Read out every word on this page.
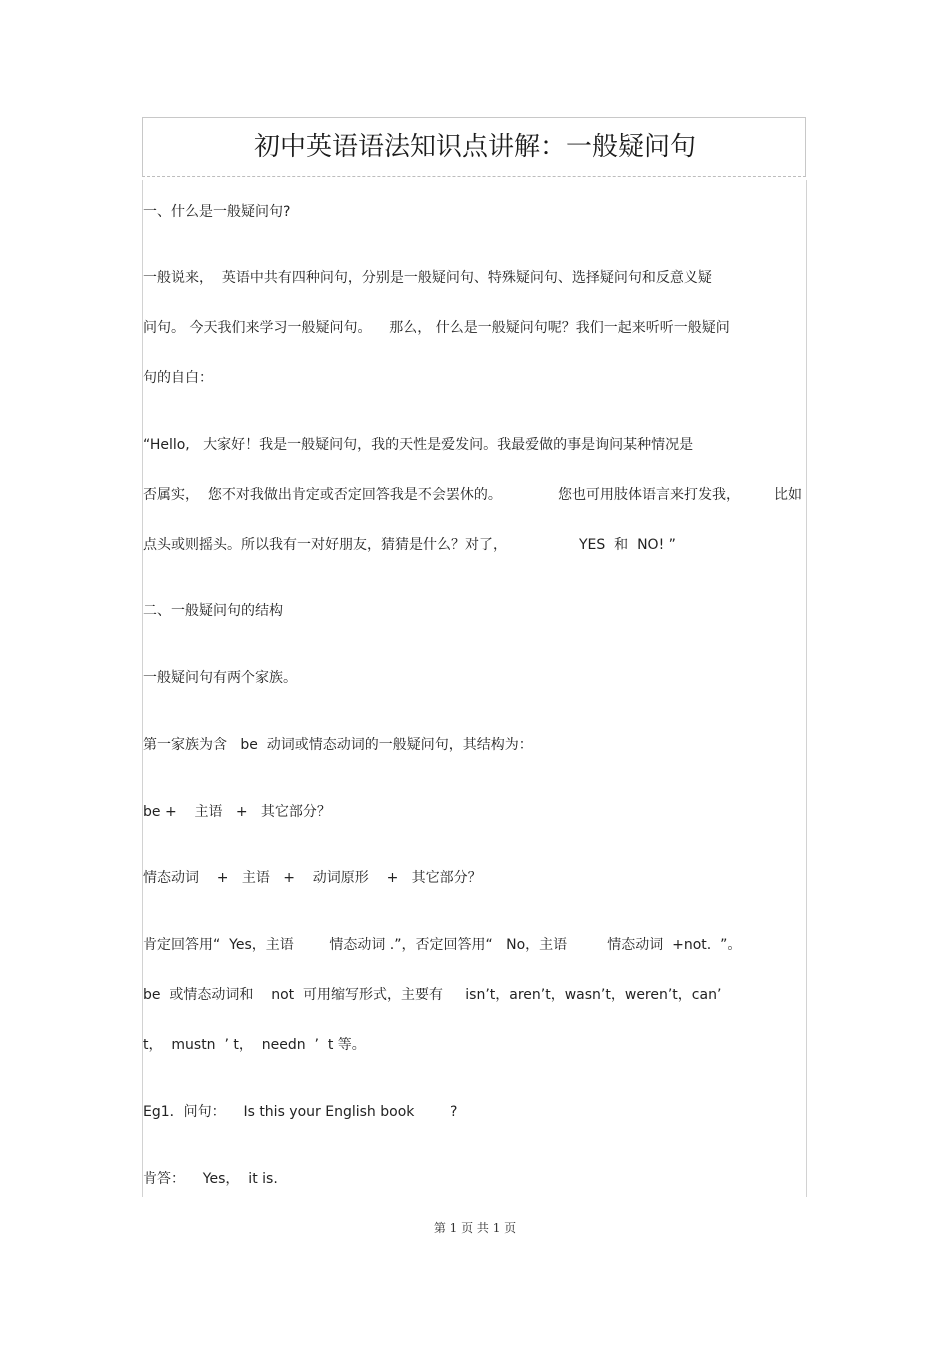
初中英语语法知识点讲解：一般疑问句
一、什么是一般疑问句?
一般说来，  英语中共有四种问句，分别是一般疑问句、特殊疑问句、选择疑问句和反意义疑
问句。 今天我们来学习一般疑问句。    那么， 什么是一般疑问句呢？我们一起来听听一般疑问
句的自白：
“Hello,   大家好！我是一般疑问句，我的天性是爱发问。我最爱做的事是询问某种情况是

否属实，  您不对我做出肯定或否定回答我是不会罢休的。

	您也可用肢体语言来打发我，

比如

点头或则摇头。所以我有一对好朋友，猜猜是什么？对了，

	YES  和  NO! ”

二、一般疑问句的结构
一般疑问句有两个家族。
第一家族为含   be  动词或情态动词的一般疑问句，其结构为：
be +    主语   +   其它部分？
情态动词    +   主语   +    动词原形    +   其它部分？
肯定回答用“  Yes，主语        情态动词 .”，否定回答用“   No，主语         情态动词  +not.  ”。
be  或情态动词和    not  可用缩写形式，主要有     isn’t，aren’t，wasn’t，weren’t，can’
t，  mustn  ’ t，  needn  ’  t 等。
Eg1．问句：    Is this your English book        ?
肯答：    Yes，  it is.
第 1 页 共 1 页
